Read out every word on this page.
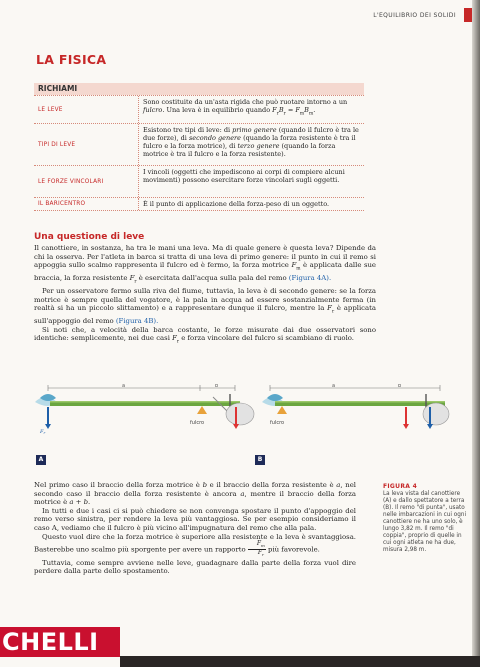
L'EQUILIBRIO DEI SOLIDI
LA FISICA
RICHIAMI
LE LEVE
Sono costituite da un'asta rigida che può ruotare intorno a un fulcro. Una leva è in equilibrio quando $F_rB_r = F_mB_m$.
TIPI DI LEVE
Esistono tre tipi di leve: di primo genere (quando il fulcro è tra le due forze), di secondo genere (quando la forza resistente è tra il fulcro e la forza motrice), di terzo genere (quando la forza motrice è tra il fulcro e la forza resistente).
LE FORZE VINCOLARI
I vincoli (oggetti che impediscono ai corpi di compiere alcuni movimenti) possono esercitare forze vincolari sugli oggetti.
IL BARICENTRO	È il punto di applicazione della forza-peso di un oggetto.
Una questione di leve

Il canottiere, in sostanza, ha tra le mani una leva. Ma di quale genere è questa leva? Dipende da chi la osserva. Per l'atleta in barca si tratta di una leva di primo genere: il punto in cui il remo si appoggia sullo scalmo rappresenta il fulcro ed è fermo, la forza motrice $F_m$ è applicata dalle sue braccia, la forza resistente $F_r$ è esercitata dall'acqua sulla pala del remo (Figura 4A).

Per un osservatore fermo sulla riva del fiume, tuttavia, la leva è di secondo genere: se la forza motrice è sempre quella del vogatore, è la pala in acqua ad essere sostanzialmente ferma (in realtà si ha un piccolo slittamento) e a rappresentare dunque il fulcro, mentre la $F_r$ è applicata sull'appoggio del remo (Figura 4B).

Si noti che, a velocità della barca costante, le forze misurate dai due osservatori sono identiche: semplicemente, nei due casi $F_r$ e forza vincolare del fulcro si scambiano di ruolo.

a	b
fulcro
$F_r$
a	b
fulcro
A	B

Nel primo caso il braccio della forza motrice è b e il braccio della forza resistente è a, nel secondo caso il braccio della forza resistente è ancora a, mentre il braccio della forza motrice è a + b.

In tutti e due i casi ci si può chiedere se non convenga spostare il punto d'appoggio del remo verso sinistra, per rendere la leva più vantaggiosa. Se per esempio consideriamo il caso A, vediamo che il fulcro è più vicino all'impugnatura del remo che alla pala.

Questo vuol dire che la forza motrice è superiore alla resistente e la leva è svantaggiosa. Basterebbe uno scalmo più sporgente per avere un rapporto $\frac{F_m}{F_r}$ più favorevole.

Tuttavia, come sempre avviene nelle leve, guadagnare dalla parte della forza vuol dire perdere dalla parte dello spostamento.

FIGURA 4
La leva vista dal canottiere (A) e dallo spettatore a terra (B). Il remo "di punta", usato nelle imbarcazioni in cui ogni canottiere ne ha uno solo, è lungo 3,82 m. Il remo "di coppia", proprio di quelle in cui ogni atleta ne ha due, misura 2,98 m.
CHELLI
